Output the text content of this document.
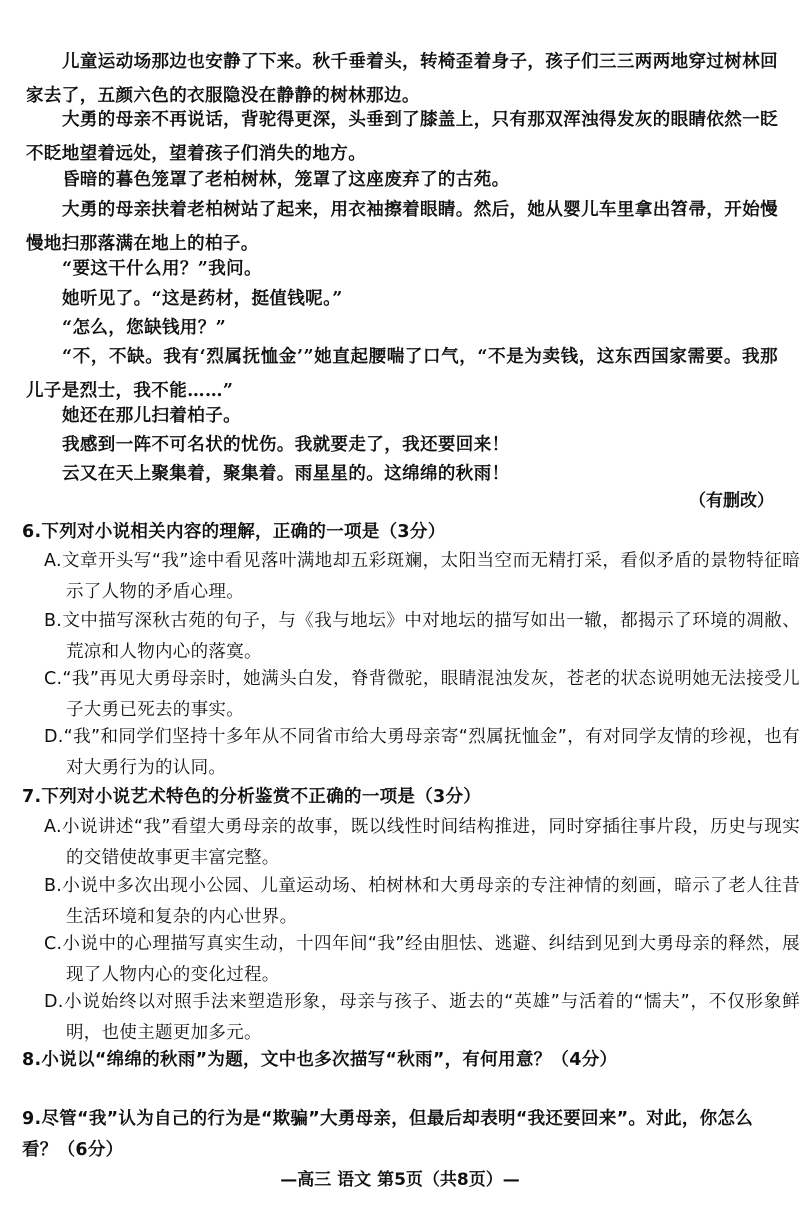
儿童运动场那边也安静了下来。秋千垂着头，转椅歪着身子，孩子们三三两两地穿过树林回家去了，五颜六色的衣服隐没在静静的树林那边。
大勇的母亲不再说话，背驼得更深，头垂到了膝盖上，只有那双浑浊得发灰的眼睛依然一眨不眨地望着远处，望着孩子们消失的地方。
昏暗的暮色笼罩了老柏树林，笼罩了这座废弃了的古苑。
大勇的母亲扶着老柏树站了起来，用衣袖擦着眼睛。然后，她从婴儿车里拿出笤帚，开始慢慢地扫那落满在地上的柏子。
“要这干什么用？”我问。
她听见了。“这是药材，挺值钱呢。”
“怎么，您缺钱用？”
“不，不缺。我有‘烈属抚恤金’”她直起腰喘了口气，“不是为卖钱，这东西国家需要。我那儿子是烈士，我不能……”
她还在那儿扫着柏子。
我感到一阵不可名状的忧伤。我就要走了，我还要回来！
云又在天上聚集着，聚集着。雨星星的。这绵绵的秋雨！
（有删改）
6.下列对小说相关内容的理解，正确的一项是（3分）
A.文章开头写“我”途中看见落叶满地却五彩斑斓，太阳当空而无精打采，看似矛盾的景物特征暗示了人物的矛盾心理。
B.文中描写深秋古苑的句子，与《我与地坛》中对地坛的描写如出一辙，都揭示了环境的凋敝、荒凉和人物内心的落寞。
C.“我”再见大勇母亲时，她满头白发，脊背微驼，眼睛混浊发灰，苍老的状态说明她无法接受儿子大勇已死去的事实。
D.“我”和同学们坚持十多年从不同省市给大勇母亲寄“烈属抚恤金”，有对同学友情的珍视，也有对大勇行为的认同。
7.下列对小说艺术特色的分析鉴赏不正确的一项是（3分）
A.小说讲述“我”看望大勇母亲的故事，既以线性时间结构推进，同时穿插往事片段，历史与现实的交错使故事更丰富完整。
B.小说中多次出现小公园、儿童运动场、柏树林和大勇母亲的专注神情的刻画，暗示了老人往昔生活环境和复杂的内心世界。
C.小说中的心理描写真实生动，十四年间“我”经由胆怯、逃避、纠结到见到大勇母亲的释然，展现了人物内心的变化过程。
D.小说始终以对照手法来塑造形象，母亲与孩子、逝去的“英雄”与活着的“懦夫”，不仅形象鲜明，也使主题更加多元。
8.小说以“绵绵的秋雨”为题，文中也多次描写“秋雨”，有何用意？（4分）
9.尽管“我”认为自己的行为是“欺骗”大勇母亲，但最后却表明“我还要回来”。对此，你怎么看？（6分）
—高三 语文 第5页（共8页）—
